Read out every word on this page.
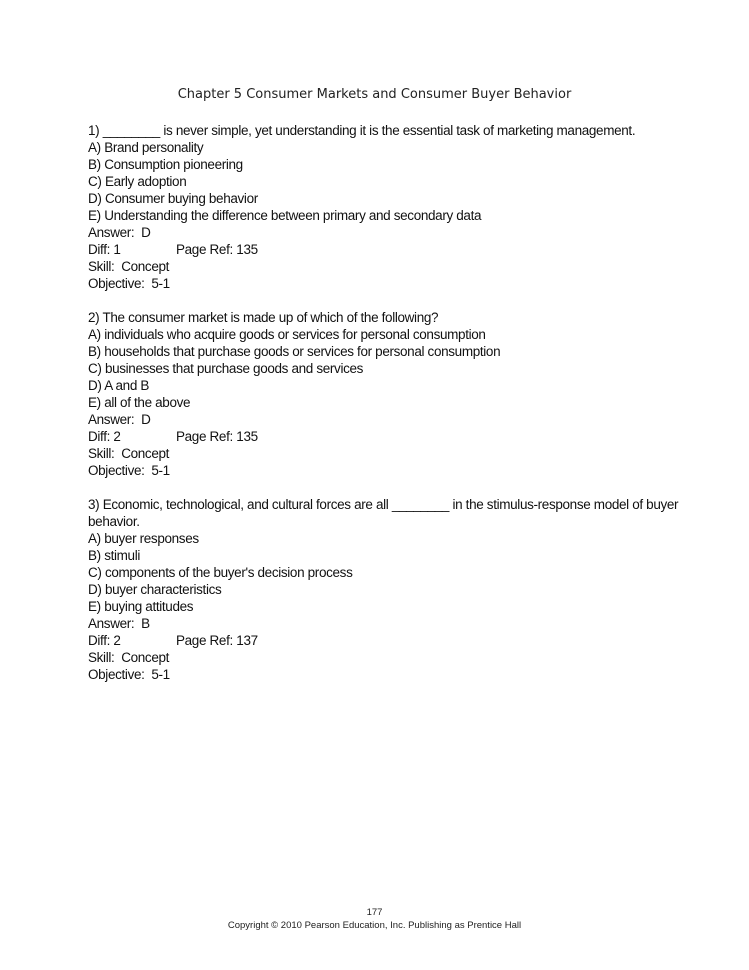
Chapter 5 Consumer Markets and Consumer Buyer Behavior
1) ________ is never simple, yet understanding it is the essential task of marketing management.
A) Brand personality
B) Consumption pioneering
C) Early adoption
D) Consumer buying behavior
E) Understanding the difference between primary and secondary data
Answer:  D
Diff: 1	Page Ref: 135
Skill:  Concept
Objective:  5-1
2) The consumer market is made up of which of the following?
A) individuals who acquire goods or services for personal consumption
B) households that purchase goods or services for personal consumption
C) businesses that purchase goods and services
D) A and B
E) all of the above
Answer:  D
Diff: 2	Page Ref: 135
Skill:  Concept
Objective:  5-1
3) Economic, technological, and cultural forces are all ________ in the stimulus-response model of buyer behavior.
A) buyer responses
B) stimuli
C) components of the buyer's decision process
D) buyer characteristics
E) buying attitudes
Answer:  B
Diff: 2	Page Ref: 137
Skill:  Concept
Objective:  5-1
177
Copyright © 2010 Pearson Education, Inc. Publishing as Prentice Hall
